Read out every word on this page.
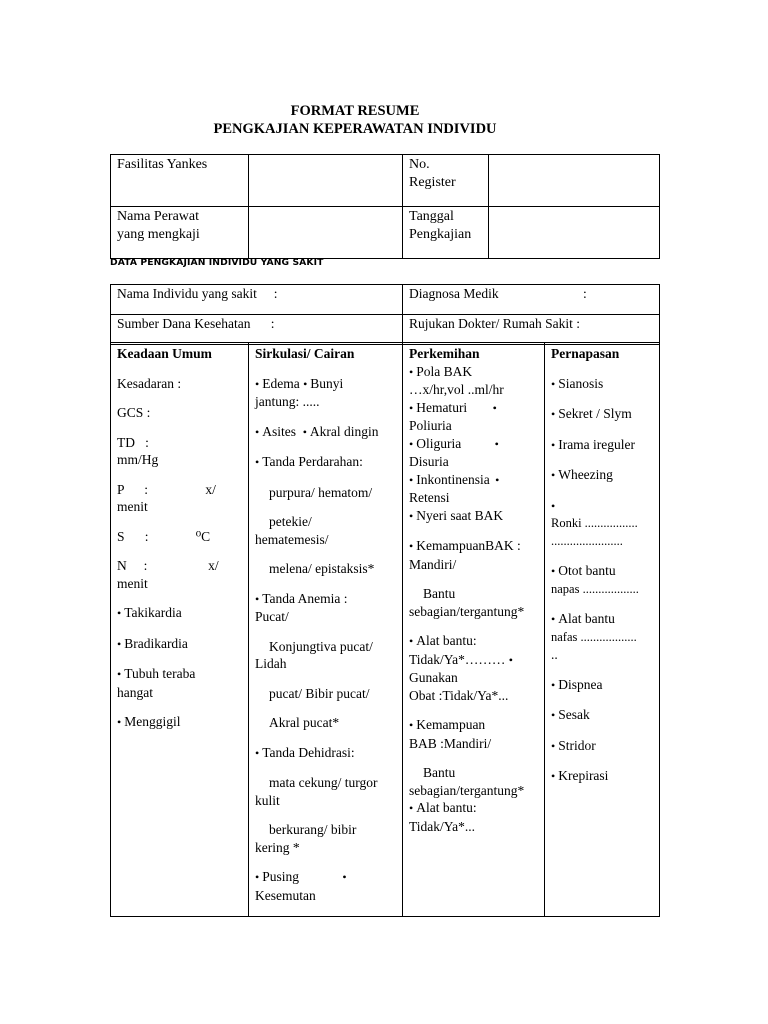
FORMAT RESUME
PENGKAJIAN KEPERAWATAN INDIVIDU
Fasilitas Yankes		No.
Register	

Nama Perawat
yang mengkaji		Tanggal
Pengkajian	

DATA PENGKAJIAN INDIVIDU YANG SAKIT
Nama Individu yang sakit     :	Diagnosa Medik                         :
Sumber Dana Kesehatan      :	Rujukan Dokter/ Rumah Sakit :
Keadaan Umum
Kesadaran :
GCS :
TD   :
mm/Hg
P      :                 x/
menit
S      :              ⁰C
N     :                  x/
menit
• Takikardia
• Bradikardia
• Tubuh teraba
hangat
• Menggigil

Sirkulasi/ Cairan
• Edema • Bunyi
jantung: .....
• Asites • Akral dingin
• Tanda Perdarahan:
purpura/ hematom/
petekie/
hematemesis/
melena/ epistaksis*
• Tanda Anemia :
Pucat/
Konjungtiva pucat/
Lidah
pucat/ Bibir pucat/
Akral pucat*
• Tanda Dehidrasi:
mata cekung/ turgor
kulit
berkurang/ bibir
kering *
• Pusing •
Kesemutan

Perkemihan
• Pola BAK
…x/hr,vol ..ml/hr
• Hematuri •
Poliuria
• Oliguria •
Disuria
• Inkontinensia •
Retensi
• Nyeri saat BAK
• KemampuanBAK :
Mandiri/
Bantu
sebagian/tergantung*
• Alat bantu:
Tidak/Ya*……… •
Gunakan
Obat :Tidak/Ya*...
• Kemampuan
BAB :Mandiri/
Bantu
sebagian/tergantung*
• Alat bantu:
Tidak/Ya*...

Pernapasan
• Sianosis
• Sekret / Slym
• Irama ireguler
• Wheezing
•
Ronki .................
.......................
• Otot bantu
napas ..................
• Alat bantu
nafas ..................
..
• Dispnea
• Sesak
• Stridor
• Krepirasi
